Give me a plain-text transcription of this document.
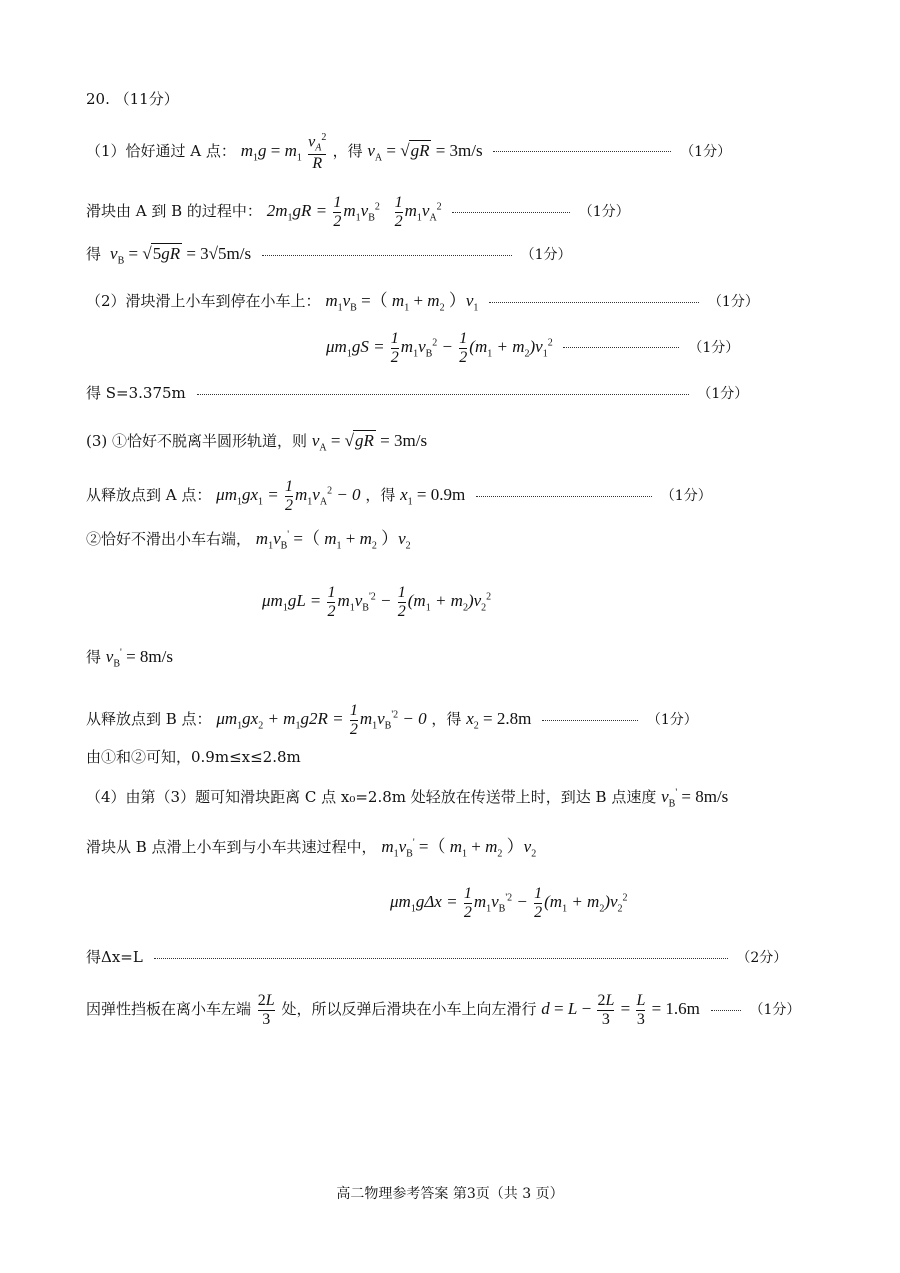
20. （11分）
（1）恰好通过 A 点： $m_1g = m_1 \frac{v_A^2}{R}$ ，得 $v_A = √gR = 3m/s$	（1分）
滑块由 A 到 B 的过程中： $2m_1gR = \frac{1}{2} m_1v_B^2 \frac{1}{2} m_1v_A^2$	（1分）
得 $v_B = √5gR = 3√5m/s$	（1分）
（2）滑块滑上小车到停在小车上： $m_1v_B$ =（ $m_1 + m_2$ ）$v_1$	（1分）
$\mu m_1gS = \frac{1}{2} m_1v_B^2 - \frac{1}{2} (m_1 + m_2)v_1^2$	（1分）
得 S=3.375m	（1分）
(3) ①恰好不脱离半圆形轨道，则 $v_A = √gR = 3m/s$
从释放点到 A 点： $\mu m_1gx_1 = \frac{1}{2} m_1v_A^2 - 0$ ，得 $x_1 = 0.9m$	（1分）
②恰好不滑出小车右端， $m_1v_B'$ =（ $m_1 + m_2$ ）$v_2$
$\mu m_1gL = \frac{1}{2} m_1v_B^{'2} - \frac{1}{2} (m_1 + m_2)v_2^2$
得 $v_B' = 8m/s$
从释放点到 B 点： $\mu m_1gx_2 + m_1g2R = \frac{1}{2} m_1v_B^{'2} - 0$ ，得 $x_2 = 2.8m$	（1分）
由①和②可知，0.9m≤x≤2.8m
（4）由第（3）题可知滑块距离 C 点 x₀=2.8m 处轻放在传送带上时，到达 B 点速度 $v_B' = 8m/s$
滑块从 B 点滑上小车到与小车共速过程中， $m_1v_B'$ =（ $m_1 + m_2$ ）$v_2$
$\mu m_1g\Delta x = \frac{1}{2} m_1v_B^{'2} - \frac{1}{2} (m_1 + m_2)v_2^2$
得Δx=L	（2分）
因弹性挡板在离小车左端 $\frac{2L}{3}$ 处，所以反弹后滑块在小车上向左滑行 $d = L - \frac{2L}{3} = \frac{L}{3} = 1.6m$	（1分）
高二物理参考答案 第3页（共 3 页）
